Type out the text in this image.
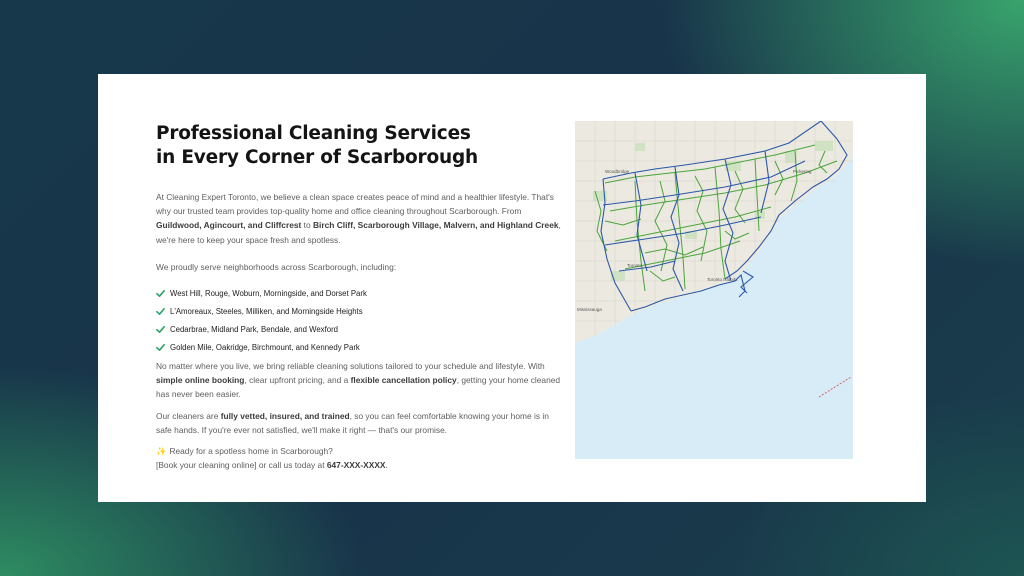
Professional Cleaning Services
in Every Corner of Scarborough

At Cleaning Expert Toronto, we believe a clean space creates peace of mind and a healthier lifestyle. That's why our trusted team provides top-quality home and office cleaning throughout Scarborough. From Guildwood, Agincourt, and Cliffcrest to Birch Cliff, Scarborough Village, Malvern, and Highland Creek, we're here to keep your space fresh and spotless.

We proudly serve neighborhoods across Scarborough, including:

West Hill, Rouge, Woburn, Morningside, and Dorset Park
L'Amoreaux, Steeles, Milliken, and Morningside Heights
Cedarbrae, Midland Park, Bendale, and Wexford
Golden Mile, Oakridge, Birchmount, and Kennedy Park

No matter where you live, we bring reliable cleaning solutions tailored to your schedule and lifestyle. With simple online booking, clear upfront pricing, and a flexible cancellation policy, getting your home cleaned has never been easier.

Our cleaners are fully vetted, insured, and trained, so you can feel comfortable knowing your home is in safe hands. If you're ever not satisfied, we'll make it right — that's our promise.

✨ Ready for a spotless home in Scarborough?
[Book your cleaning online] or call us today at 647-XXX-XXXX.
Woodbridge	Pickering
Toronto
Toronto Islands
Mississauga
